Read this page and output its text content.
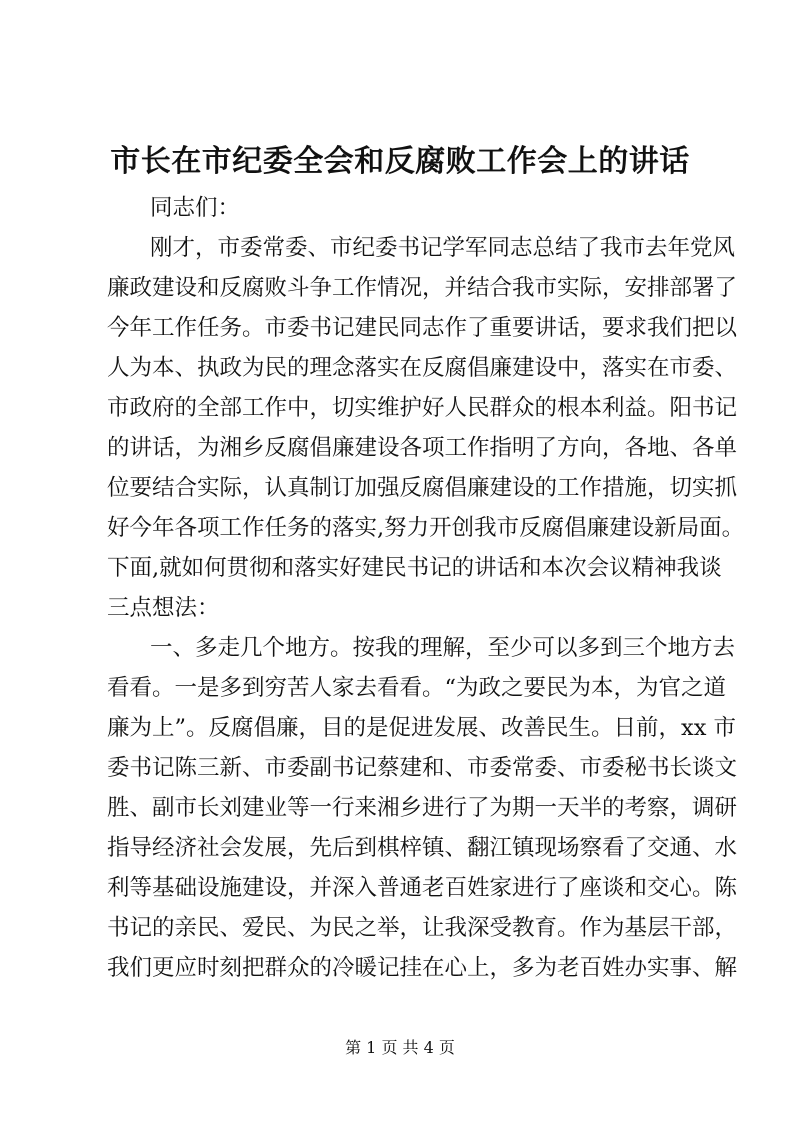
市长在市纪委全会和反腐败工作会上的讲话
同志们：
刚才，市委常委、市纪委书记学军同志总结了我市去年党风
廉政建设和反腐败斗争工作情况，并结合我市实际，安排部署了
今年工作任务。市委书记建民同志作了重要讲话，要求我们把以
人为本、执政为民的理念落实在反腐倡廉建设中，落实在市委、
市政府的全部工作中，切实维护好人民群众的根本利益。阳书记
的讲话，为湘乡反腐倡廉建设各项工作指明了方向，各地、各单
位要结合实际，认真制订加强反腐倡廉建设的工作措施，切实抓
好今年各项工作任务的落实,努力开创我市反腐倡廉建设新局面。
下面,就如何贯彻和落实好建民书记的讲话和本次会议精神我谈
三点想法：
一、多走几个地方。按我的理解，至少可以多到三个地方去
看看。一是多到穷苦人家去看看。“为政之要民为本，为官之道
廉为上”。反腐倡廉，目的是促进发展、改善民生。日前，xx 市
委书记陈三新、市委副书记蔡建和、市委常委、市委秘书长谈文
胜、副市长刘建业等一行来湘乡进行了为期一天半的考察，调研
指导经济社会发展，先后到棋梓镇、翻江镇现场察看了交通、水
利等基础设施建设，并深入普通老百姓家进行了座谈和交心。陈
书记的亲民、爱民、为民之举，让我深受教育。作为基层干部，
我们更应时刻把群众的冷暖记挂在心上，多为老百姓办实事、解
第 1 页 共 4 页
